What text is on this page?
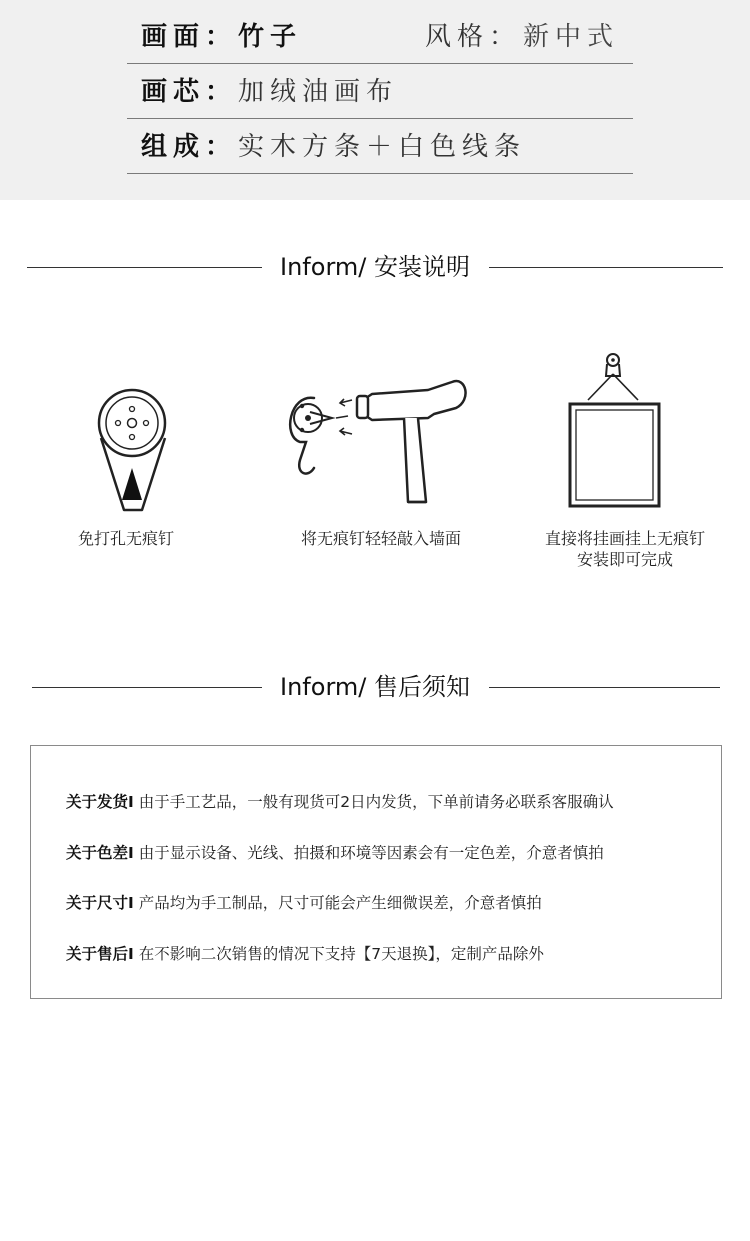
画面： 竹子	风格： 新中式
画芯： 加绒油画布
组成： 实木方条＋白色线条
Inform/ 安装说明
免打孔无痕钉	将无痕钉轻轻敲入墙面	直接将挂画挂上无痕钉
安装即可完成
Inform/ 售后须知
关于发货I 由于手工艺品，一般有现货可2日内发货，下单前请务必联系客服确认
关于色差I 由于显示设备、光线、拍摄和环境等因素会有一定色差，介意者慎拍
关于尺寸I 产品均为手工制品，尺寸可能会产生细微误差，介意者慎拍
关于售后I 在不影响二次销售的情况下支持【7天退换】，定制产品除外
